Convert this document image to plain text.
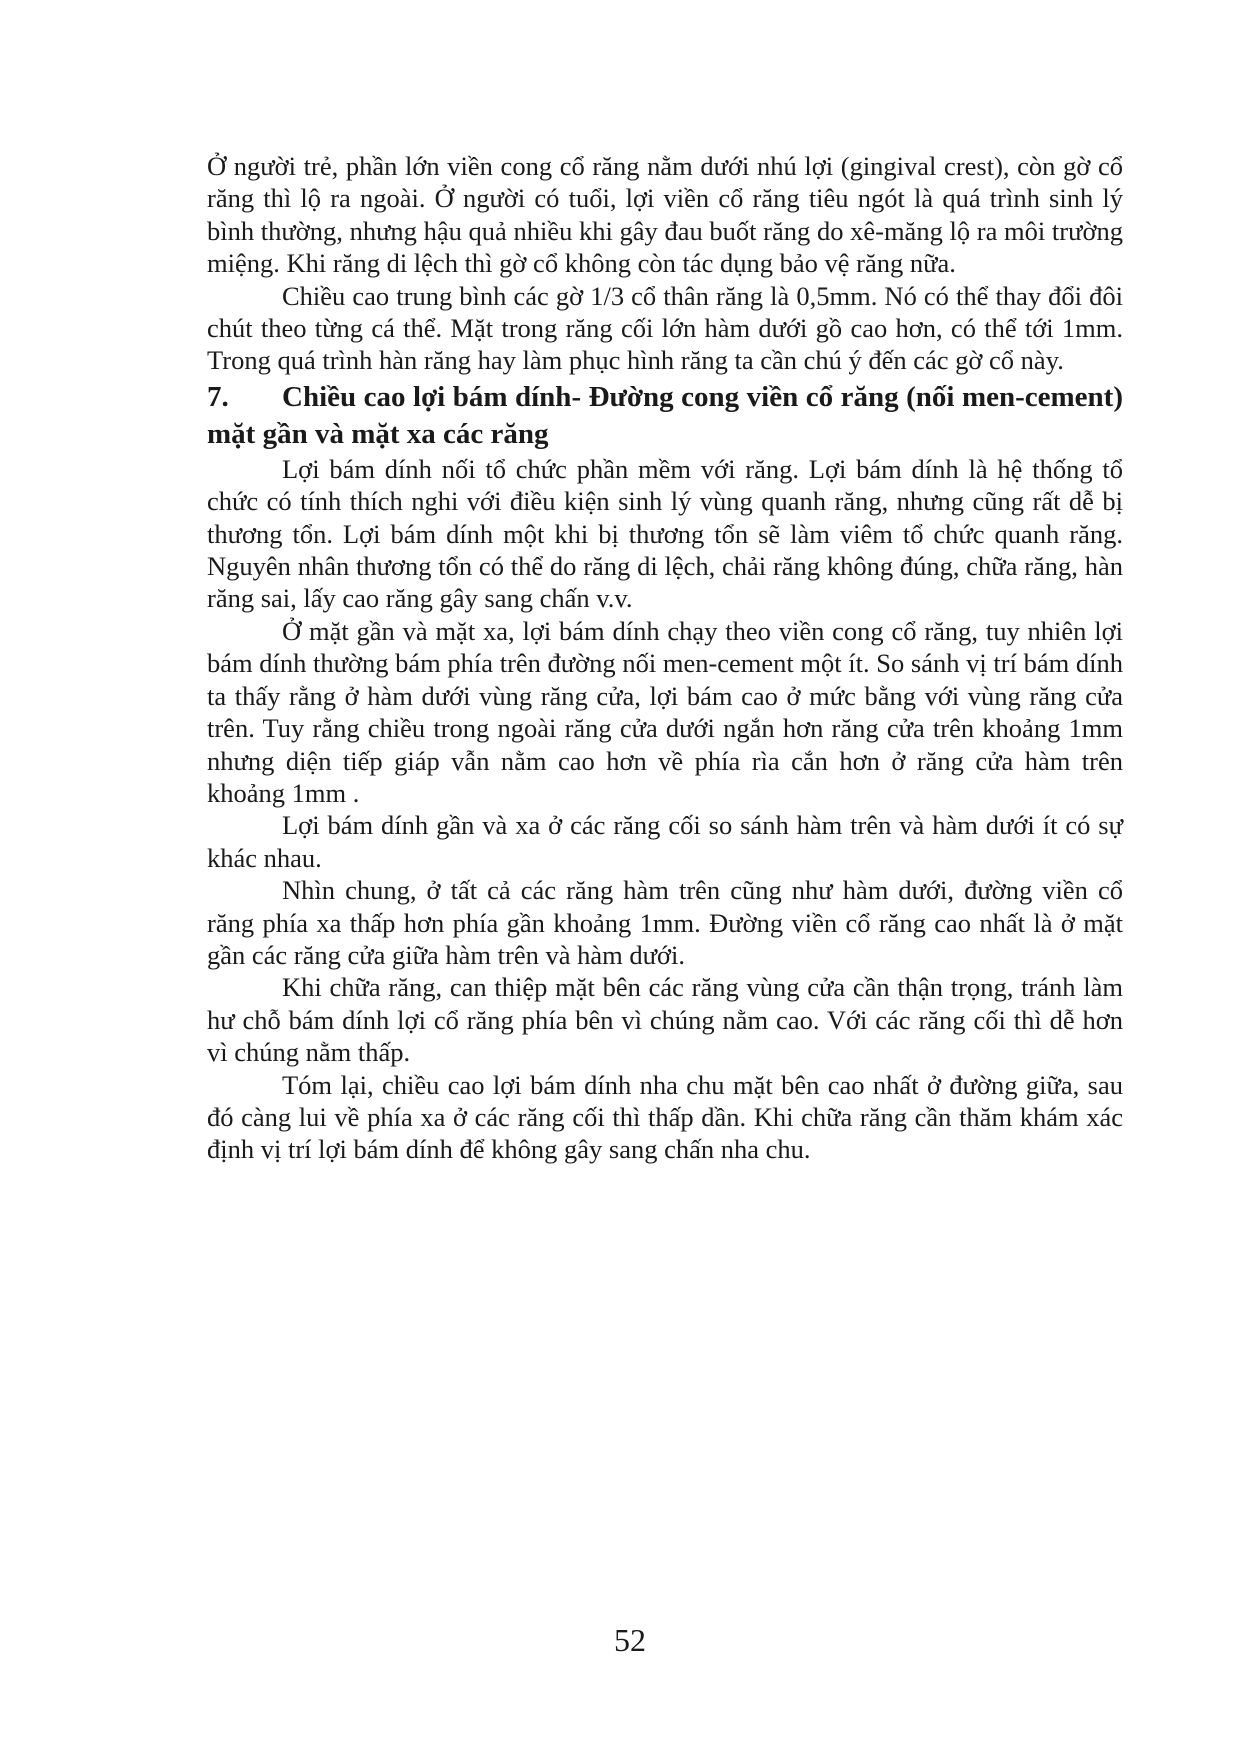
Ở người trẻ, phần lớn viền cong cổ răng nằm dưới nhú lợi (gingival crest), còn gờ cổ răng thì lộ ra ngoài. Ở người có tuổi, lợi viền cổ răng tiêu ngót là quá trình sinh lý bình thường, nhưng hậu quả nhiều khi gây đau buốt răng do xê-măng lộ ra môi trường miệng. Khi răng di lệch thì gờ cổ không còn tác dụng bảo vệ răng nữa.

Chiều cao trung bình các gờ 1/3 cổ thân răng là 0,5mm. Nó có thể thay đổi đôi chút theo từng cá thể. Mặt trong răng cối lớn hàm dưới gồ cao hơn, có thể tới 1mm. Trong quá trình hàn răng hay làm phục hình răng ta cần chú ý đến các gờ cổ này.

7.	Chiều cao lợi bám dính- Đường cong viền cổ răng (nối men-cement) mặt gần và mặt xa các răng

Lợi bám dính nối tổ chức phần mềm với răng. Lợi bám dính là hệ thống tổ chức có tính thích nghi với điều kiện sinh lý vùng quanh răng, nhưng cũng rất dễ bị thương tổn. Lợi bám dính một khi bị thương tổn sẽ làm viêm tổ chức quanh răng. Nguyên nhân thương tổn có thể do răng di lệch, chải răng không đúng, chữa răng, hàn răng sai, lấy cao răng gây sang chấn v.v.

Ở mặt gần và mặt xa, lợi bám dính chạy theo viền cong cổ răng, tuy nhiên lợi bám dính thường bám phía trên đường nối men-cement một ít. So sánh vị trí bám dính ta thấy rằng ở hàm dưới vùng răng cửa, lợi bám cao ở mức bằng với vùng răng cửa trên. Tuy rằng chiều trong ngoài răng cửa dưới ngắn hơn răng cửa trên khoảng 1mm nhưng diện tiếp giáp vẫn nằm cao hơn về phía rìa cắn hơn ở răng cửa hàm trên khoảng 1mm .

Lợi bám dính gần và xa ở các răng cối so sánh hàm trên và hàm dưới ít có sự khác nhau.

Nhìn chung, ở tất cả các răng hàm trên cũng như hàm dưới, đường viền cổ răng phía xa thấp hơn phía gần khoảng 1mm. Đường viền cổ răng cao nhất là ở mặt gần các răng cửa giữa hàm trên và hàm dưới.

Khi chữa răng, can thiệp mặt bên các răng vùng cửa cần thận trọng, tránh làm hư chỗ bám dính lợi cổ răng phía bên vì chúng nằm cao. Với các răng cối thì dễ hơn vì chúng nằm thấp.

Tóm lại, chiều cao lợi bám dính nha chu mặt bên cao nhất ở đường giữa, sau đó càng lui về phía xa ở các răng cối thì thấp dần. Khi chữa răng cần thăm khám xác định vị trí lợi bám dính để không gây sang chấn nha chu.

52
